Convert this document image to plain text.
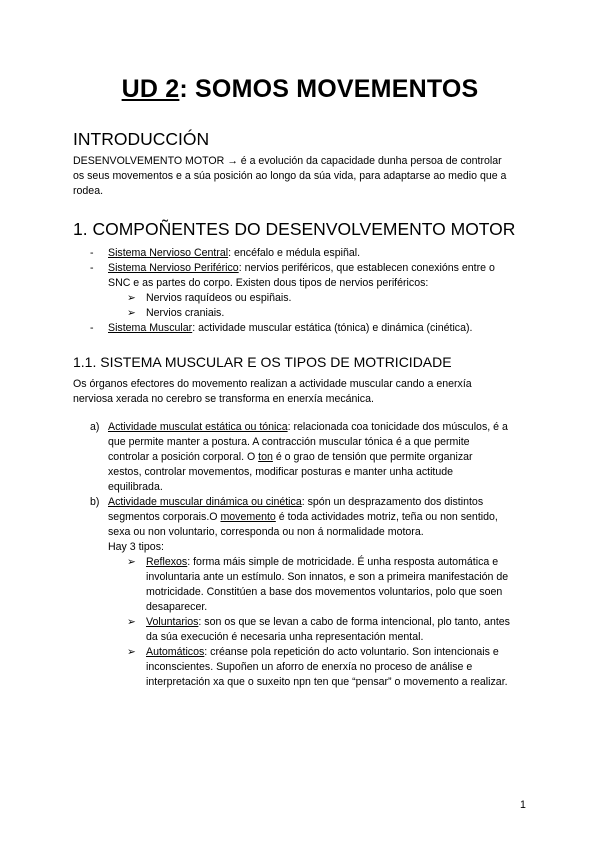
UD 2: SOMOS MOVEMENTOS
INTRODUCCIÓN
DESENVOLVEMENTO MOTOR → é a evolución da capacidade dunha persoa de controlar
os seus movementos e a súa posición ao longo da súa vida, para adaptarse ao medio que a
rodea.
1. COMPOÑENTES DO DESENVOLVEMENTO MOTOR
- Sistema Nervioso Central: encéfalo e médula espiñal.
- Sistema Nervioso Periférico: nervios periféricos, que establecen conexións entre o
SNC e as partes do corpo. Existen dous tipos de nervios periféricos:
➢ Nervios raquídeos ou espiñais.
➢ Nervios craniais.
- Sistema Muscular: actividade muscular estática (tónica) e dinámica (cinética).
1.1. SISTEMA MUSCULAR E OS TIPOS DE MOTRICIDADE
Os órganos efectores do movemento realizan a actividade muscular cando a enerxía
nerviosa xerada no cerebro se transforma en enerxía mecánica.
a) Actividade musculat estática ou tónica: relacionada coa tonicidade dos músculos, é a
que permite manter a postura. A contracción muscular tónica é a que permite
controlar a posición corporal. O ton é o grao de tensión que permite organizar
xestos, controlar movementos, modificar posturas e manter unha actitude
equilibrada.
b) Actividade muscular dinámica ou cinética: spón un desprazamento dos distintos
segmentos corporais.O movemento é toda actividades motriz, teña ou non sentido,
sexa ou non voluntario, corresponda ou non á normalidade motora.
Hay 3 tipos:
➢ Reflexos: forma máis simple de motricidade. É unha resposta automática e
involuntaria ante un estímulo. Son innatos, e son a primeira manifestación de
motricidade. Constitúen a base dos movementos voluntarios, polo que soen
desaparecer.
➢ Voluntarios: son os que se levan a cabo de forma intencional, plo tanto, antes
da súa execución é necesaria unha representación mental.
➢ Automáticos: créanse pola repetición do acto voluntario. Son intencionais e
inconscientes. Supoñen un aforro de enerxía no proceso de análise e
interpretación xa que o suxeito npn ten que “pensar” o movemento a realizar.
1
